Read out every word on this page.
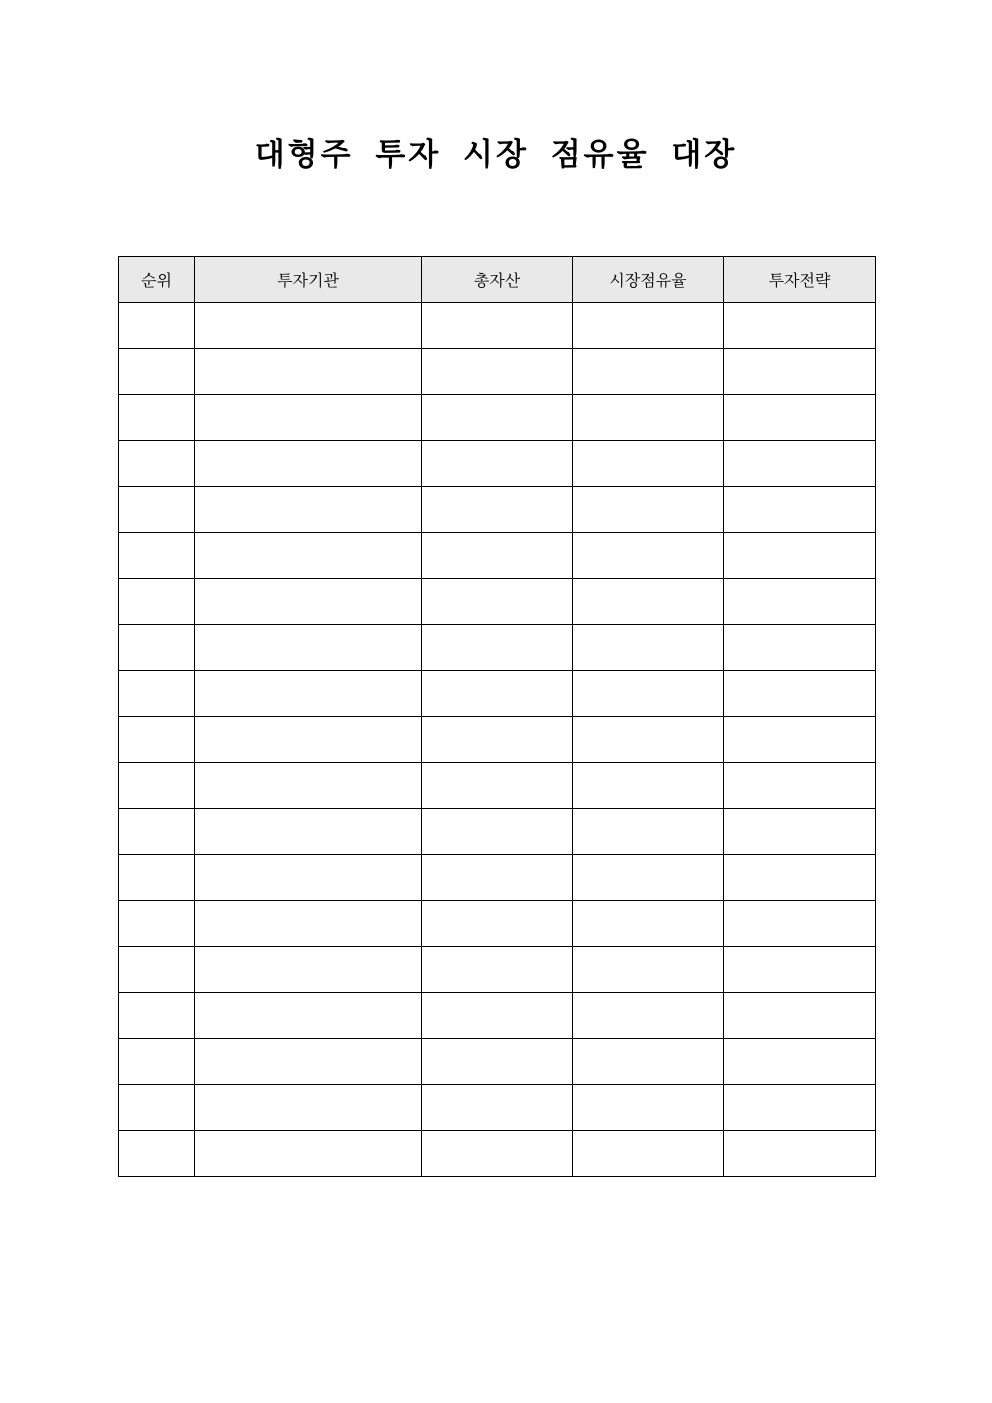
대형주 투자 시장 점유율 대장
순위	투자기관	총자산	시장점유율	투자전략
